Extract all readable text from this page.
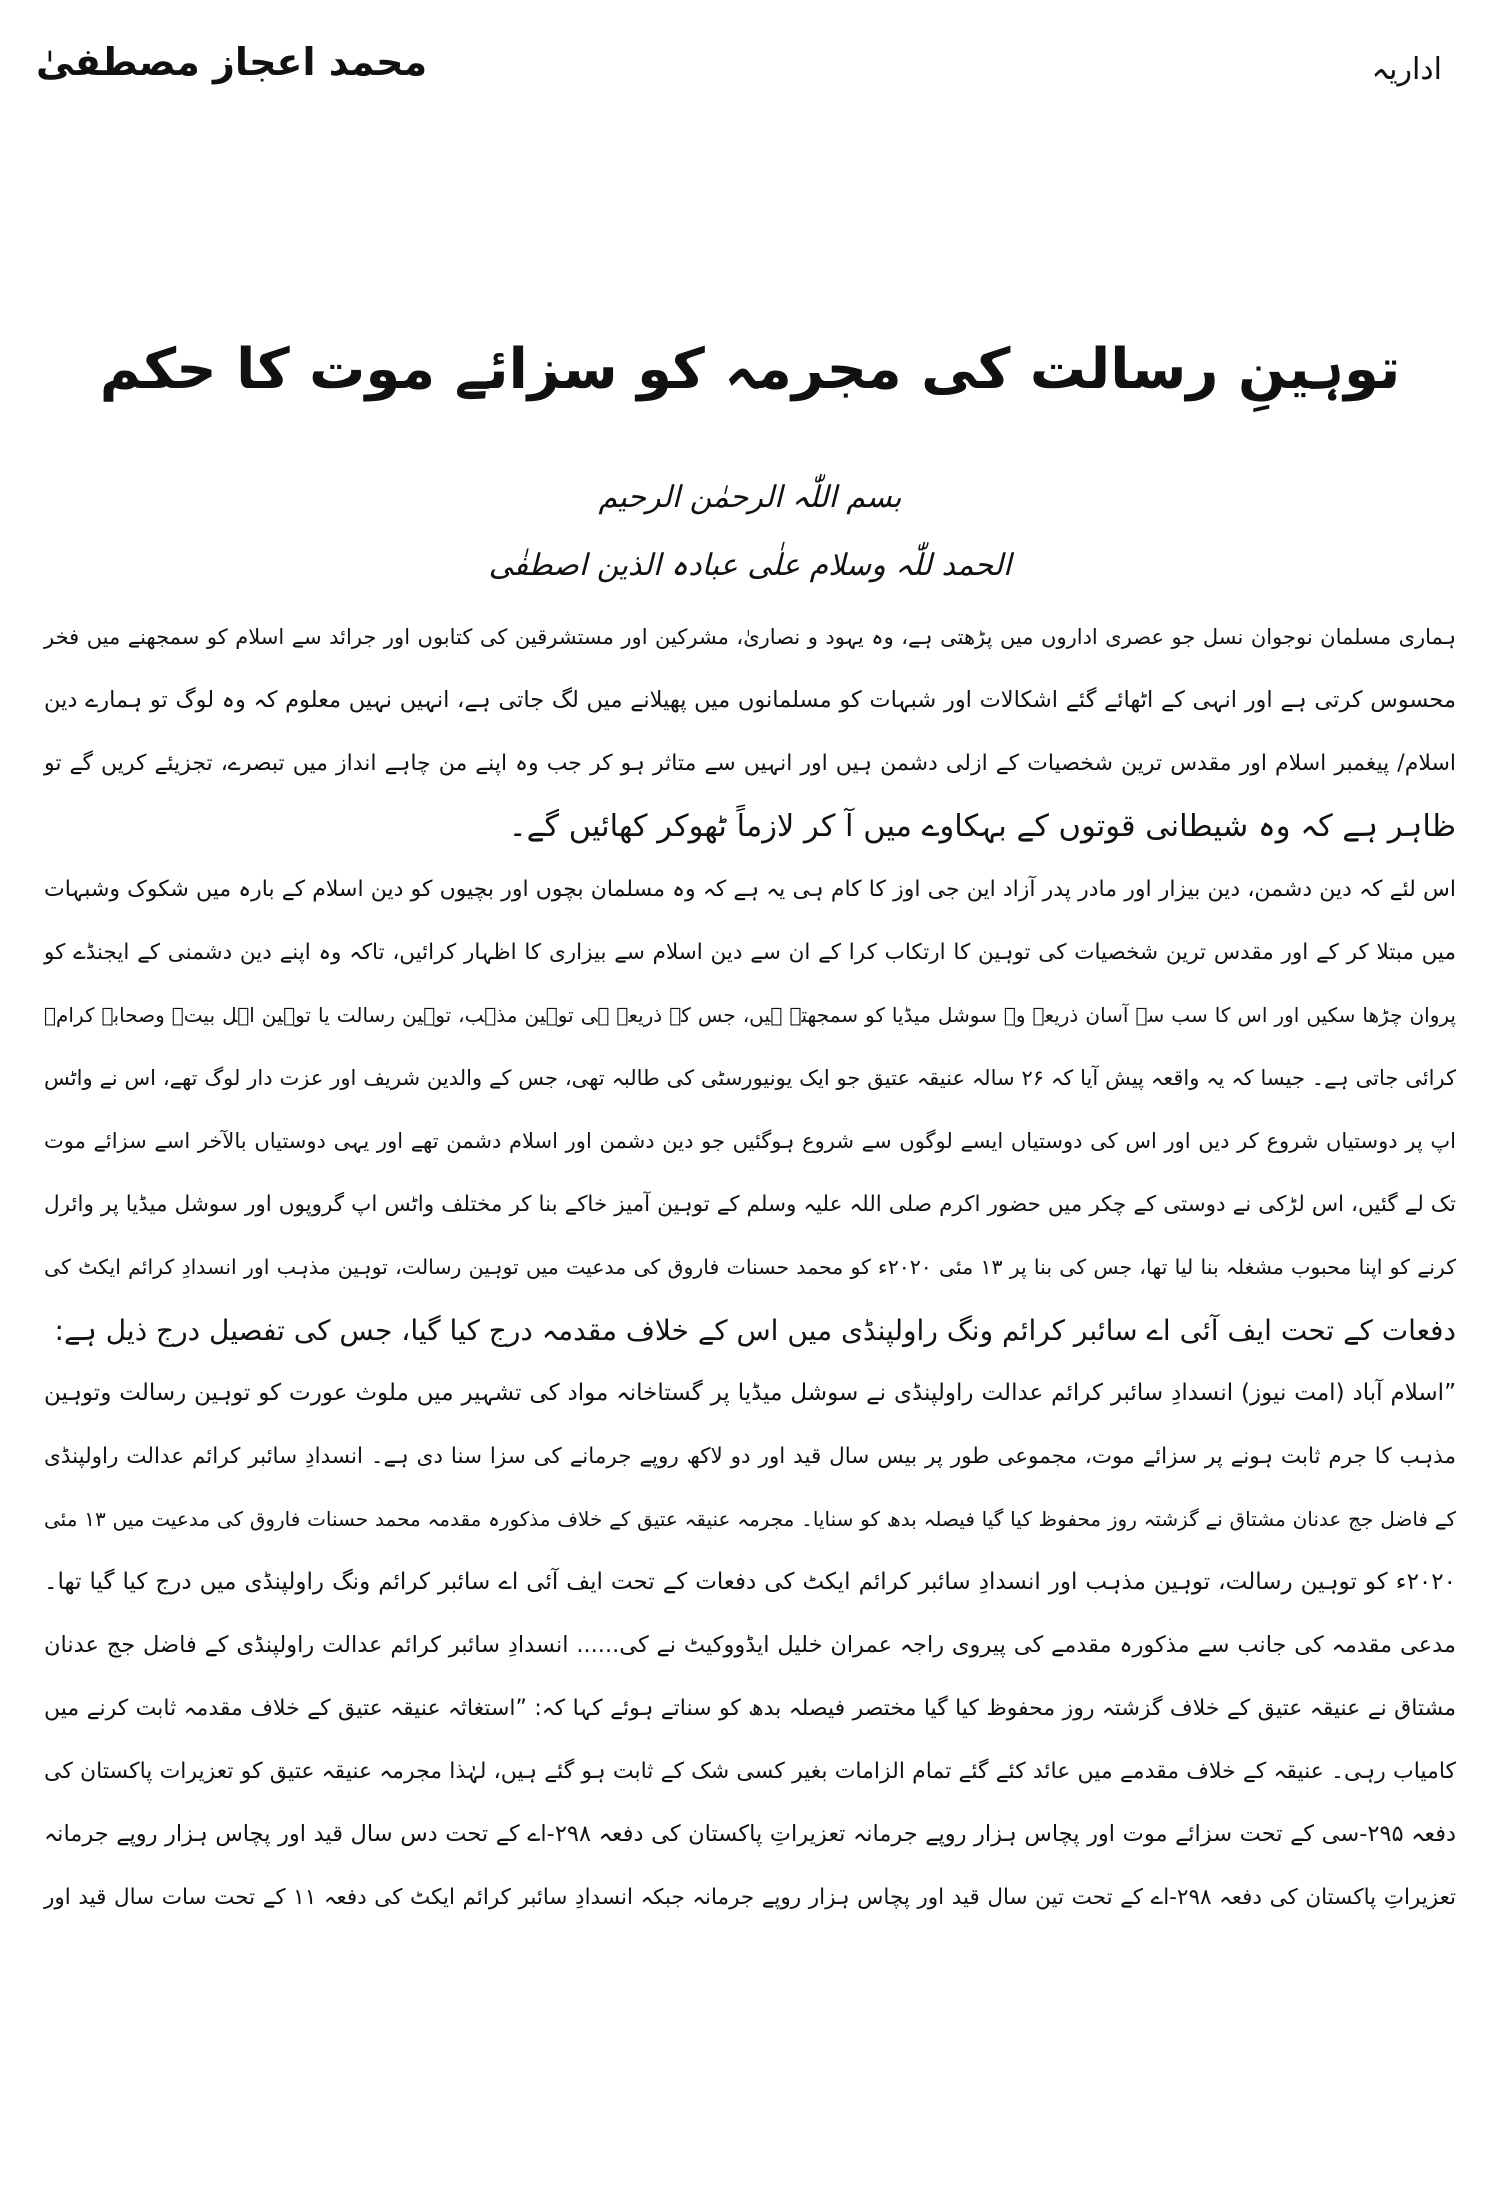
محمد اعجاز مصطفیٰ	اداریہ
توہینِ رسالت کی مجرمہ کو سزائے موت کا حکم
بسم اللّٰہ الرحمٰن الرحیم
الحمد للّٰہ وسلام علٰی عبادہ الذین اصطفٰی
ہماری مسلمان نوجوان نسل جو عصری اداروں میں پڑھتی ہے، وہ یہود و نصاریٰ، مشرکین اور مستشرقین کی کتابوں اور جرائد سے اسلام کو سمجھنے میں فخر
محسوس کرتی ہے اور انہی کے اٹھائے گئے اشکالات اور شبہات کو مسلمانوں میں پھیلانے میں لگ جاتی ہے، انہیں نہیں معلوم کہ وہ لوگ تو ہمارے دین
اسلام/ پیغمبر اسلام اور مقدس ترین شخصیات کے ازلی دشمن ہیں اور انہیں سے متاثر ہو کر جب وہ اپنے من چاہے انداز میں تبصرے، تجزیئے کریں گے تو
ظاہر ہے کہ وہ شیطانی قوتوں کے بہکاوے میں آ کر لازماً ٹھوکر کھائیں گے۔
اس لئے کہ دین دشمن، دین بیزار اور مادر پدر آزاد این جی اوز کا کام ہی یہ ہے کہ وہ مسلمان بچوں اور بچیوں کو دین اسلام کے بارہ میں شکوک وشبہات
میں مبتلا کر کے اور مقدس ترین شخصیات کی توہین کا ارتکاب کرا کے ان سے دین اسلام سے بیزاری کا اظہار کرائیں، تاکہ وہ اپنے دین دشمنی کے ایجنڈے کو
پروان چڑھا سکیں اور اس کا سب سے آسان ذریعہ وہ سوشل میڈیا کو سمجھتے ہیں، جس کے ذریعہ ہی توہین مذہب، توہین رسالت یا توہین اہل بیتؓ وصحابہ کرامؓ
کرائی جاتی ہے۔ جیسا کہ یہ واقعہ پیش آیا کہ ۲۶ سالہ عنیقہ عتیق جو ایک یونیورسٹی کی طالبہ تھی، جس کے والدین شریف اور عزت دار لوگ تھے، اس نے واٹس
اپ پر دوستیاں شروع کر دیں اور اس کی دوستیاں ایسے لوگوں سے شروع ہوگئیں جو دین دشمن اور اسلام دشمن تھے اور یہی دوستیاں بالآخر اسے سزائے موت
تک لے گئیں، اس لڑکی نے دوستی کے چکر میں حضور اکرم صلی اللہ علیہ وسلم کے توہین آمیز خاکے بنا کر مختلف واٹس اپ گروپوں اور سوشل میڈیا پر وائرل
کرنے کو اپنا محبوب مشغلہ بنا لیا تھا، جس کی بنا پر ۱۳ مئی ۲۰۲۰ء کو محمد حسنات فاروق کی مدعیت میں توہین رسالت، توہین مذہب اور انسدادِ کرائم ایکٹ کی
دفعات کے تحت ایف آئی اے سائبر کرائم ونگ راولپنڈی میں اس کے خلاف مقدمہ درج کیا گیا، جس کی تفصیل درج ذیل ہے:
”اسلام آباد (امت نیوز) انسدادِ سائبر کرائم عدالت راولپنڈی نے سوشل میڈیا پر گستاخانہ مواد کی تشہیر میں ملوث عورت کو توہین رسالت وتوہین
مذہب کا جرم ثابت ہونے پر سزائے موت، مجموعی طور پر بیس سال قید اور دو لاکھ روپے جرمانے کی سزا سنا دی ہے۔ انسدادِ سائبر کرائم عدالت راولپنڈی
کے فاضل جج عدنان مشتاق نے گزشتہ روز محفوظ کیا گیا فیصلہ بدھ کو سنایا۔ مجرمہ عنیقہ عتیق کے خلاف مذکورہ مقدمہ محمد حسنات فاروق کی مدعیت میں ۱۳ مئی
۲۰۲۰ء کو توہین رسالت، توہین مذہب اور انسدادِ سائبر کرائم ایکٹ کی دفعات کے تحت ایف آئی اے سائبر کرائم ونگ راولپنڈی میں درج کیا گیا تھا۔
مدعی مقدمہ کی جانب سے مذکورہ مقدمے کی پیروی راجہ عمران خلیل ایڈووکیٹ نے کی...... انسدادِ سائبر کرائم عدالت راولپنڈی کے فاضل جج عدنان
مشتاق نے عنیقہ عتیق کے خلاف گزشتہ روز محفوظ کیا گیا مختصر فیصلہ بدھ کو سناتے ہوئے کہا کہ: ”استغاثہ عنیقہ عتیق کے خلاف مقدمہ ثابت کرنے میں
کامیاب رہی۔ عنیقہ کے خلاف مقدمے میں عائد کئے گئے تمام الزامات بغیر کسی شک کے ثابت ہو گئے ہیں، لہٰذا مجرمہ عنیقہ عتیق کو تعزیرات پاکستان کی
دفعہ ۲۹۵-سی کے تحت سزائے موت اور پچاس ہزار روپے جرمانہ تعزیراتِ پاکستان کی دفعہ ۲۹۸-اے کے تحت دس سال قید اور پچاس ہزار روپے جرمانہ
تعزیراتِ پاکستان کی دفعہ ۲۹۸-اے کے تحت تین سال قید اور پچاس ہزار روپے جرمانہ جبکہ انسدادِ سائبر کرائم ایکٹ کی دفعہ ۱۱ کے تحت سات سال قید اور
